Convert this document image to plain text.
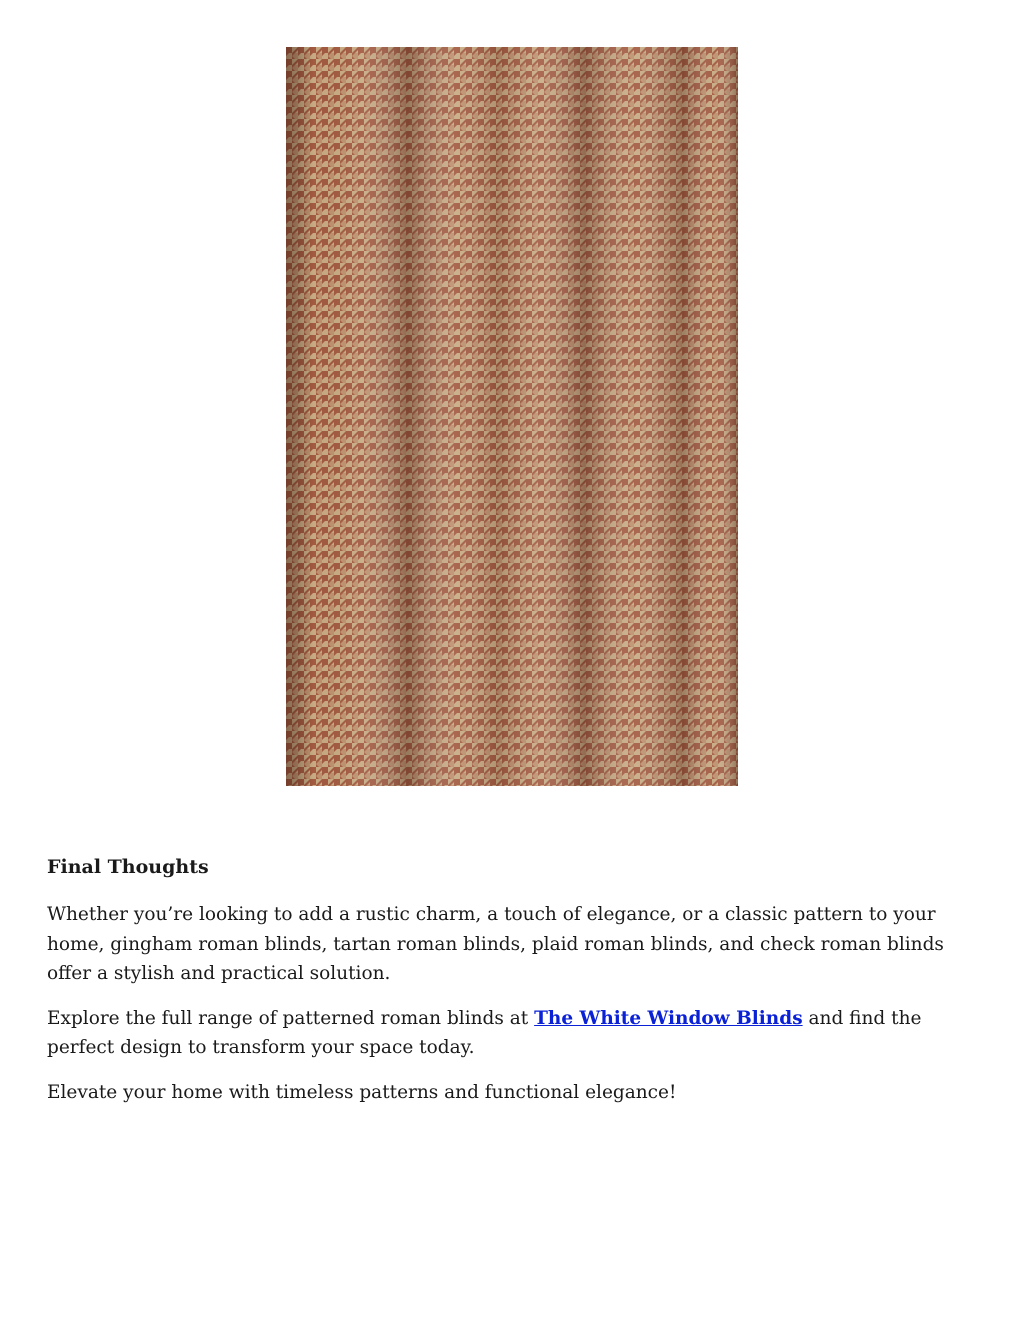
Final Thoughts

Whether you’re looking to add a rustic charm, a touch of elegance, or a classic pattern to your home, gingham roman blinds, tartan roman blinds, plaid roman blinds, and check roman blinds offer a stylish and practical solution.

Explore the full range of patterned roman blinds at The White Window Blinds and find the perfect design to transform your space today.

Elevate your home with timeless patterns and functional elegance!
